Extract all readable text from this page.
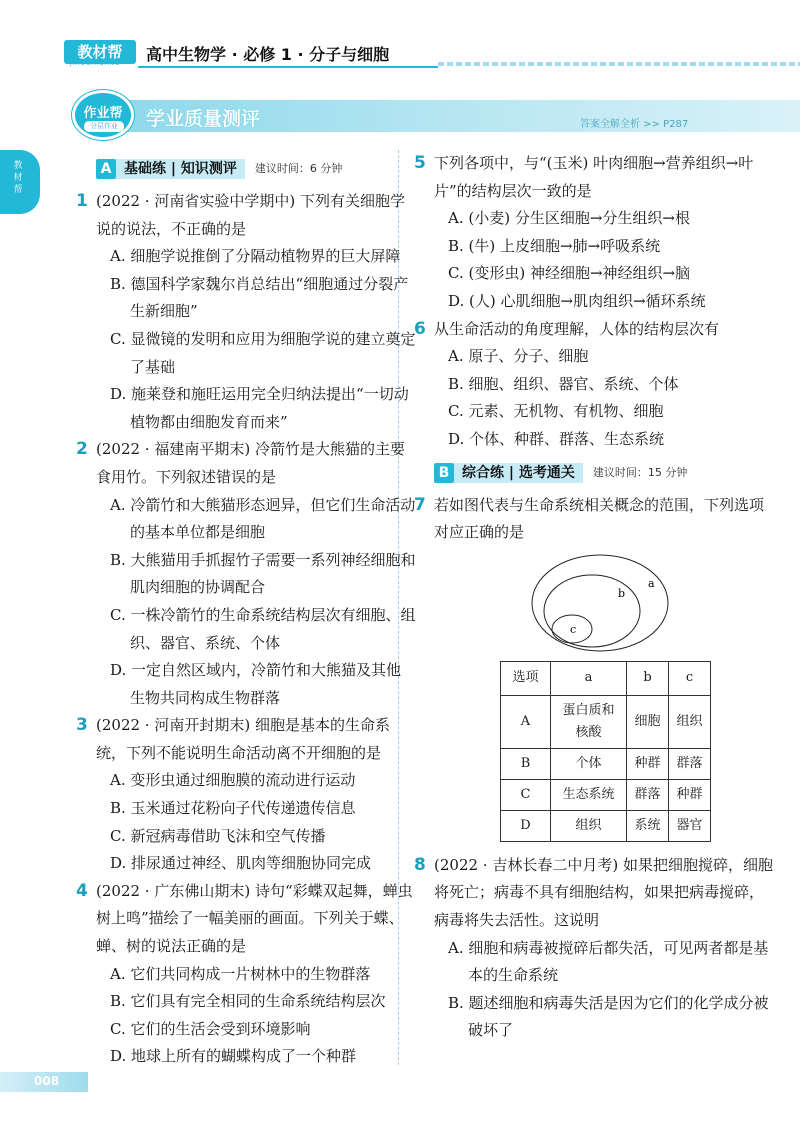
教材帮
JIAOCAIBANG 高中生物学 · 必修 1 · 分子与细胞
作业帮
分层作业	学业质量测评	答案全解全析 >> P287
教材帮
A 基础练 | 知识测评	建议时间：6 分钟
1 (2022 · 河南省实验中学期中) 下列有关细胞学说的说法，不正确的是
A. 细胞学说推倒了分隔动植物界的巨大屏障
B. 德国科学家魏尔肖总结出“细胞通过分裂产生新细胞”
C. 显微镜的发明和应用为细胞学说的建立奠定了基础
D. 施莱登和施旺运用完全归纳法提出“一切动植物都由细胞发育而来”
2 (2022 · 福建南平期末) 冷箭竹是大熊猫的主要食用竹。下列叙述错误的是
A. 冷箭竹和大熊猫形态迥异，但它们生命活动的基本单位都是细胞
B. 大熊猫用手抓握竹子需要一系列神经细胞和肌肉细胞的协调配合
C. 一株冷箭竹的生命系统结构层次有细胞、组织、器官、系统、个体
D. 一定自然区域内，冷箭竹和大熊猫及其他生物共同构成生物群落
3 (2022 · 河南开封期末) 细胞是基本的生命系统，下列不能说明生命活动离不开细胞的是
A. 变形虫通过细胞膜的流动进行运动
B. 玉米通过花粉向子代传递遗传信息
C. 新冠病毒借助飞沫和空气传播
D. 排尿通过神经、肌肉等细胞协同完成
4 (2022 · 广东佛山期末) 诗句“彩蝶双起舞，蝉虫树上鸣”描绘了一幅美丽的画面。下列关于蝶、蝉、树的说法正确的是
A. 它们共同构成一片树林中的生物群落
B. 它们具有完全相同的生命系统结构层次
C. 它们的生活会受到环境影响
D. 地球上所有的蝴蝶构成了一个种群
5 下列各项中，与“(玉米) 叶肉细胞→营养组织→叶片”的结构层次一致的是
A. (小麦) 分生区细胞→分生组织→根
B. (牛) 上皮细胞→肺→呼吸系统
C. (变形虫) 神经细胞→神经组织→脑
D. (人) 心肌细胞→肌肉组织→循环系统
6 从生命活动的角度理解，人体的结构层次有
A. 原子、分子、细胞
B. 细胞、组织、器官、系统、个体
C. 元素、无机物、有机物、细胞
D. 个体、种群、群落、生态系统
B 综合练 | 选考通关	建议时间：15 分钟
7 若如图代表与生命系统相关概念的范围，下列选项对应正确的是
a
b
c
选项	a	b	c
A	蛋白质和核酸	细胞	组织
B	个体	种群	群落
C	生态系统	群落	种群
D	组织	系统	器官
8 (2022 · 吉林长春二中月考) 如果把细胞搅碎，细胞将死亡；病毒不具有细胞结构，如果把病毒搅碎，病毒将失去活性。这说明
A. 细胞和病毒被搅碎后都失活，可见两者都是基本的生命系统
B. 题述细胞和病毒失活是因为它们的化学成分被破坏了
008
